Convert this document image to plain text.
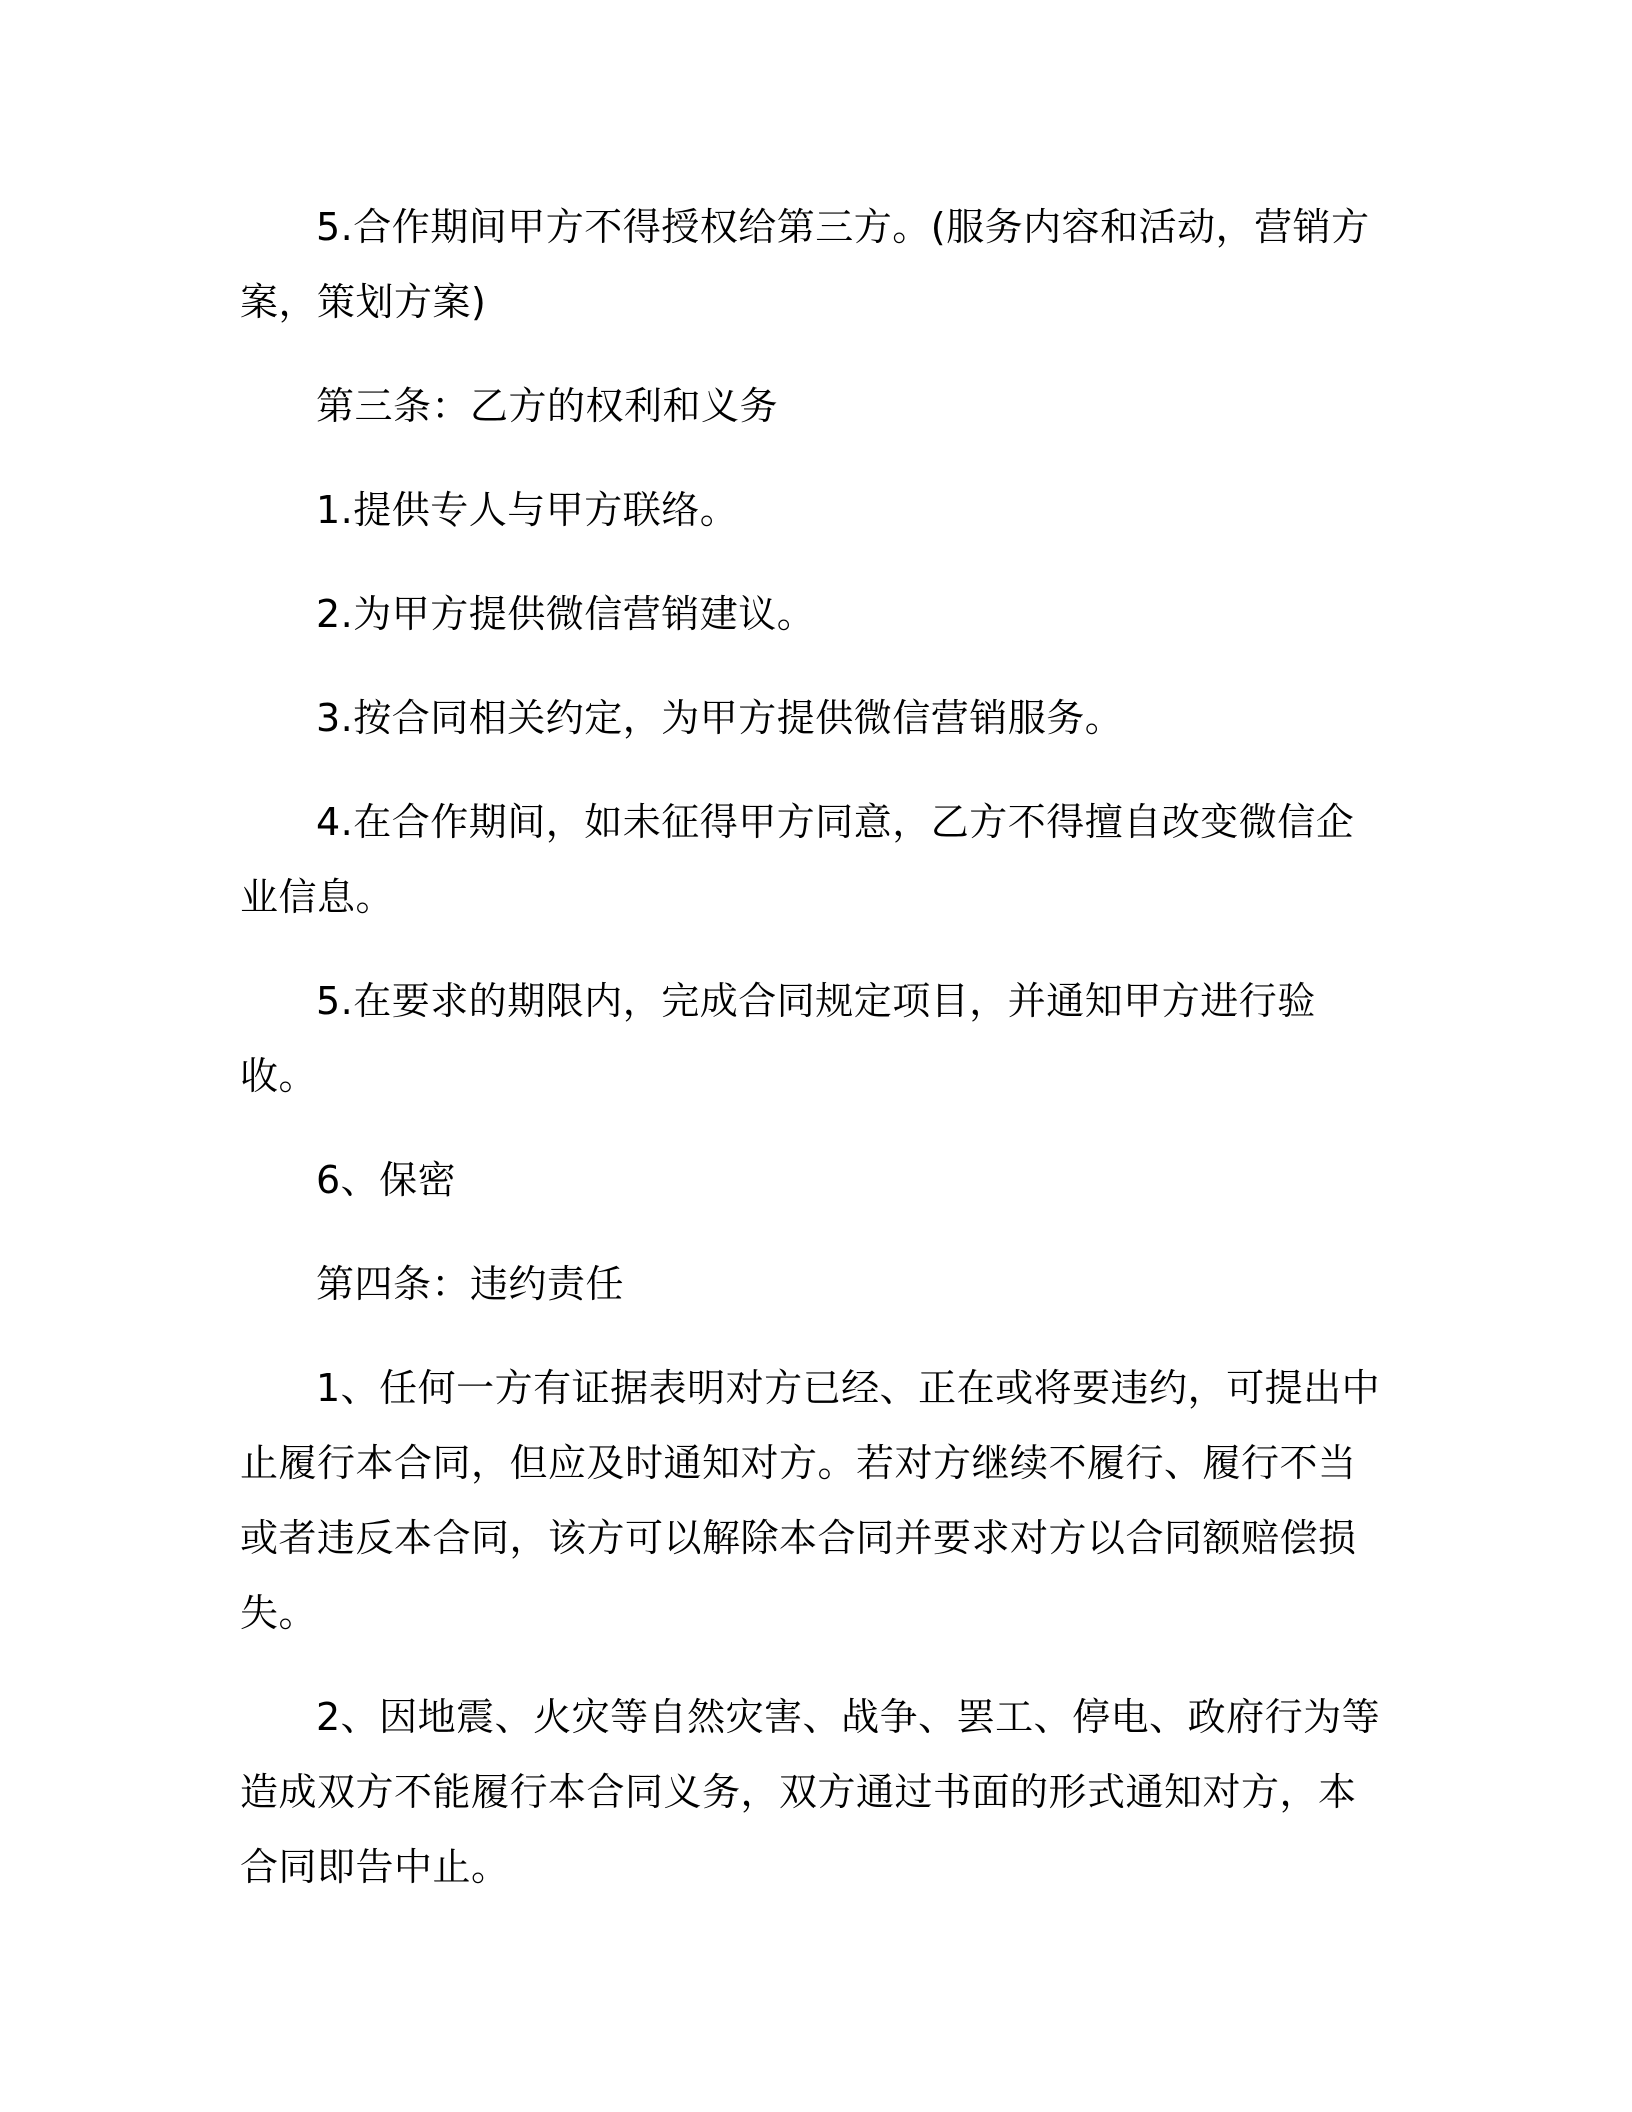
5.合作期间甲方不得授权给第三方。(服务内容和活动，营销方案，策划方案)

第三条：乙方的权利和义务

1.提供专人与甲方联络。

2.为甲方提供微信营销建议。

3.按合同相关约定，为甲方提供微信营销服务。

4.在合作期间，如未征得甲方同意，乙方不得擅自改变微信企业信息。

5.在要求的期限内，完成合同规定项目，并通知甲方进行验收。

6、保密

第四条：违约责任

1、任何一方有证据表明对方已经、正在或将要违约，可提出中止履行本合同，但应及时通知对方。若对方继续不履行、履行不当或者违反本合同，该方可以解除本合同并要求对方以合同额赔偿损失。

2、因地震、火灾等自然灾害、战争、罢工、停电、政府行为等造成双方不能履行本合同义务，双方通过书面的形式通知对方，本合同即告中止。
